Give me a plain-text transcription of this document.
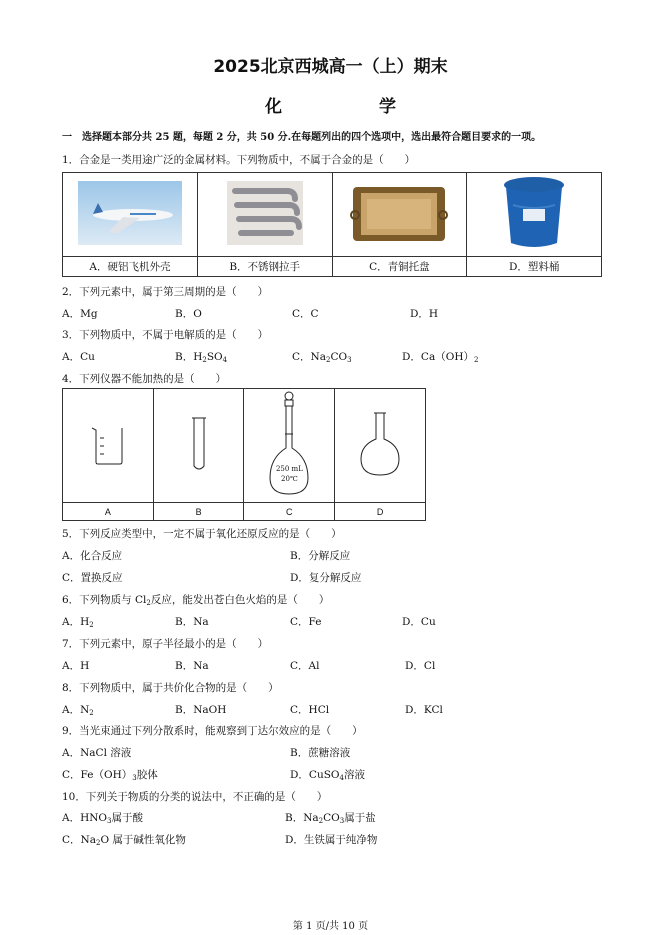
2025北京西城高一（上）期末
化　学
一　选择题本部分共 25 题，每题 2 分，共 50 分.在每题列出的四个选项中，选出最符合题目要求的一项。
1．合金是一类用途广泛的金属材料。下列物质中，不属于合金的是（　　）

A．硬铝飞机外壳	B．不锈钢拉手	C．青铜托盘	D．塑料桶
2．下列元素中，属于第三周期的是（　　）
A．Mg	B．O	C．C	D．H
3．下列物质中，不属于电解质的是（　　）
A．Cu	B．$H_2SO_4$	C．$Na_2CO_3$	D．$Ca(OH)_2$
4．下列仪器不能加热的是（　　）

250 mL
20℃

A	B	C	D
5．下列反应类型中，一定不属于氧化还原反应的是（　　）
A．化合反应	B．分解反应
C．置换反应	D．复分解反应
6．下列物质与 $Cl_2$反应，能发出苍白色火焰的是（　　）
A．$H_2$	B．Na	C．Fe	D．Cu
7．下列元素中，原子半径最小的是（　　）
A．H	B．Na	C．Al	D．Cl
8．下列物质中，属于共价化合物的是（　　）
A．$N_2$	B．NaOH	C．HCl	D．KCl
9．当光束通过下列分散系时，能观察到丁达尔效应的是（　　）
A．NaCl 溶液	B．蔗糖溶液
C．$Fe(OH)_3$胶体	D．CuSO$_4$溶液
10．下列关于物质的分类的说法中，不正确的是（　　）
A．$HNO_3$属于酸	B．$Na_2CO_3$属于盐
C．$Na_2O$ 属于碱性氧化物	D．生铁属于纯净物
第 1 页/共 10 页
